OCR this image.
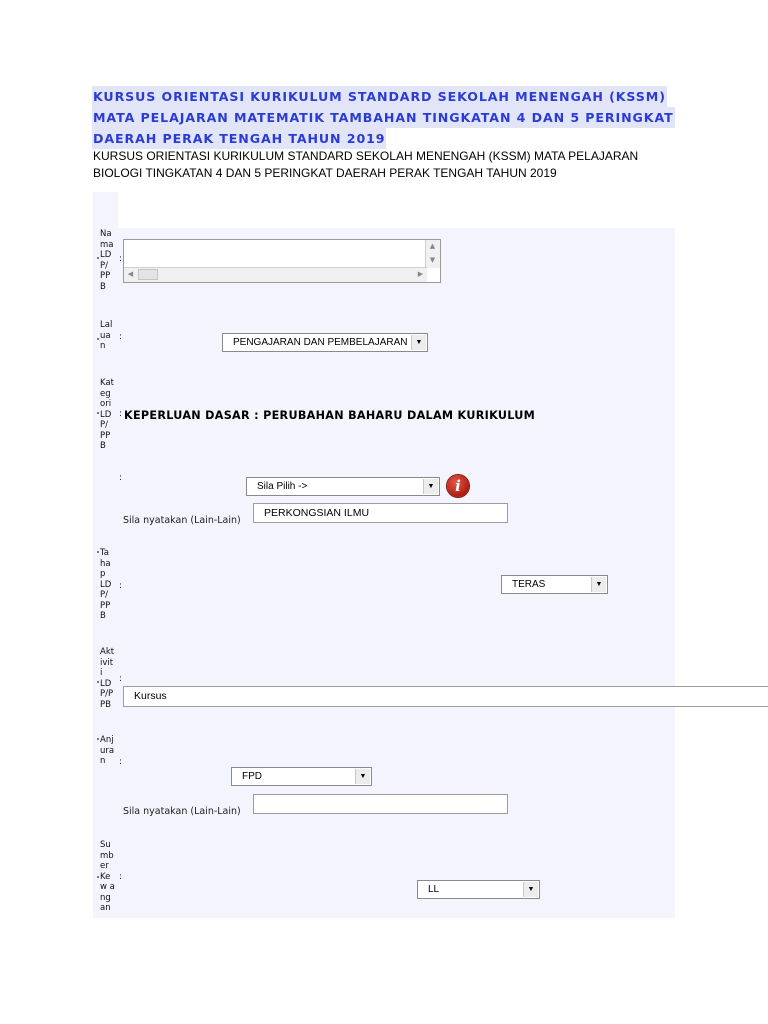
KURSUS ORIENTASI KURIKULUM STANDARD SEKOLAH MENENGAH (KSSM)
MATA PELAJARAN MATEMATIK TAMBAHAN TINGKATAN 4 DAN 5 PERINGKAT
DAERAH PERAK TENGAH TAHUN 2019
KURSUS ORIENTASI KURIKULUM STANDARD SEKOLAH MENENGAH (KSSM) MATA PELAJARAN
BIOLOGI TINGKATAN 4 DAN 5 PERINGKAT DAERAH PERAK TENGAH TAHUN 2019
Na
ma
LD
P/
PP
B
:
▲
▼
◀	▶
Lal
ua
n
:	PENGAJARAN DAN PEMBELAJARAN	▼
Kat
eg
ori
LD
P/
PP
B
: KEPERLUAN DASAR : PERUBAHAN BAHARU DALAM KURIKULUM
:
Sila Pilih ->	▼	i
Sila nyatakan (Lain-Lain)
PERKONGSIAN ILMU
Ta
ha
p
LD
P/
PP
B
:	TERAS	▼
Akt
ivit
i
LD
P/P
PB
:
Kursus
Anj
ura
n	:
FPD	▼
Sila nyatakan (Lain-Lain)
Su
mb
er
Ke
w a
ng
an
:
LL	▼
